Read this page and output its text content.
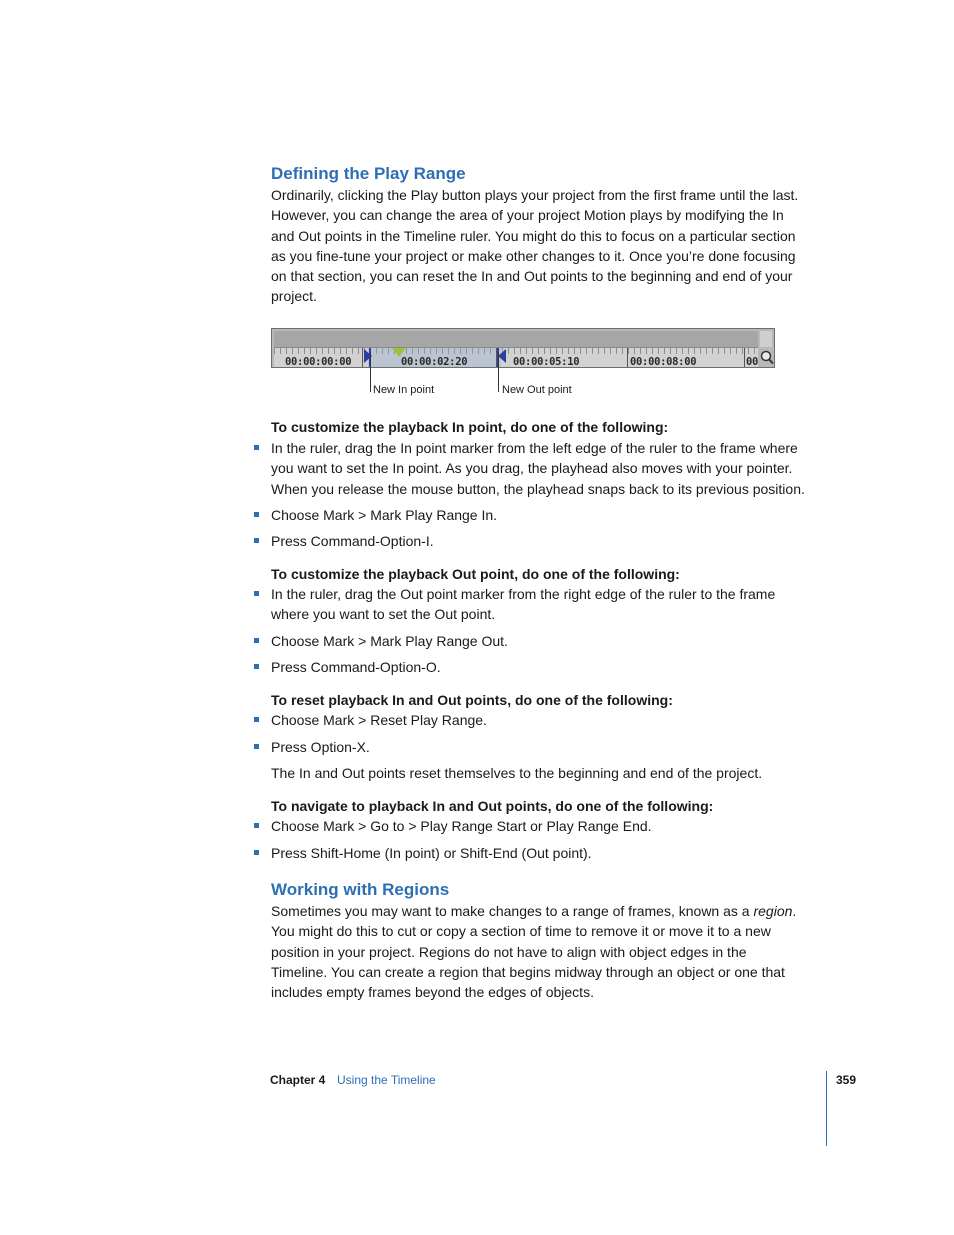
Defining the Play Range
Ordinarily, clicking the Play button plays your project from the first frame until the last.
However, you can change the area of your project Motion plays by modifying the In
and Out points in the Timeline ruler. You might do this to focus on a particular section
as you fine-tune your project or make other changes to it. Once you’re done focusing
on that section, you can reset the In and Out points to the beginning and end of your
project.
00:00:00:00	00:00:02:20	00:00:05:10	00:00:08:00	00
New In point	New Out point
To customize the playback In point, do one of the following:
In the ruler, drag the In point marker from the left edge of the ruler to the frame where
you want to set the In point. As you drag, the playhead also moves with your pointer.
When you release the mouse button, the playhead snaps back to its previous position.
Choose Mark > Mark Play Range In.
Press Command-Option-I.
To customize the playback Out point, do one of the following:
In the ruler, drag the Out point marker from the right edge of the ruler to the frame
where you want to set the Out point.
Choose Mark > Mark Play Range Out.
Press Command-Option-O.
To reset playback In and Out points, do one of the following:
Choose Mark > Reset Play Range.
Press Option-X.
The In and Out points reset themselves to the beginning and end of the project.
To navigate to playback In and Out points, do one of the following:
Choose Mark > Go to > Play Range Start or Play Range End.
Press Shift-Home (In point) or Shift-End (Out point).
Working with Regions
Sometimes you may want to make changes to a range of frames, known as a region.
You might do this to cut or copy a section of time to remove it or move it to a new
position in your project. Regions do not have to align with object edges in the
Timeline. You can create a region that begins midway through an object or one that
includes empty frames beyond the edges of objects.
Chapter 4 Using the Timeline	359
